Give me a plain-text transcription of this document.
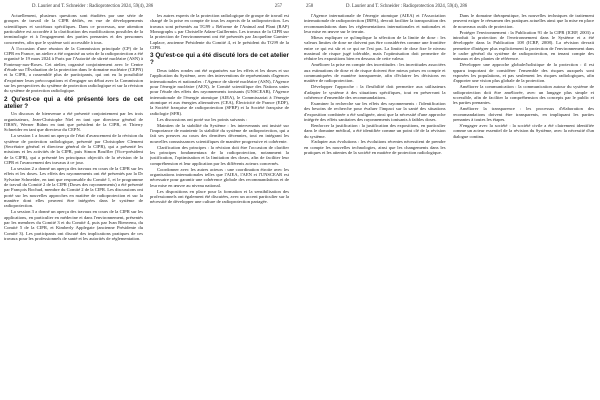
D. Laurier and T. Schneider : Radioprotection 2024, 59(4), 286	257

Actuellement, plusieurs questions sont étudiées par une série de groupes de travail de la CIPR dédiés, en vue de développements scientifiques et sociétaux spécifiques. Dans ce processus, une attention particulière est accordée à la clarification des modifications possibles de la terminologie et à l'engagement des parties prenantes et des personnes concernées, afin que le système soit accessible à tous.

À l'occasion d'une réunion de la Commission principale (CP) de la CIPR en France, un atelier a été organisé au sein de la radioprotection a été organisé le 19 mars 2024 à Paris par l'Autorité de sûreté nucléaire (ASN) à Fontenay-aux-Roses. Cet atelier, organisé conjointement avec le Centre d'étude sur l'Évaluation de la protection dans le domaine nucléaire (CEPN) et la CIPR, a rassemblé plus de participants, qui ont eu la possibilité d'exprimer leurs préoccupations et d'engager un débat avec la Commission sur les perspectives du système de protection radiologique et sur la révision du système de protection radiologique.

2 Qu'est-ce qui a été présenté lors de cet atelier ?

Un discours de bienvenue a été présenté conjointement par les trois organisateurs, Jean-Christophe Niel en tant que directeur général de l'IRSN, Werner Rühm en tant que président de la CIPR, et Thierry Schneider en tant que directeur du CEPN.

La session 1 a fourni un aperçu de l'état d'avancement de la révision du système de protection radiologique, présenté par Christopher Clement (Secrétaire général et directeur général de la CIPR), qui a présenté les missions et les activités de la CIPR, puis Simon Bouffler (Vice-président de la CIPR), qui a présenté les principaux objectifs de la révision de la CIPR et l'avancement des travaux à ce jour.

La session 2 a donné un aperçu des travaux en cours de la CIPR sur les effets et les doses. Les effets des rayonnements ont été présentés par la Dr Sylvaine Schneider, en tant que responsable du Comité 1, et le programme de travail du Comité 2 de la CIPR (Doses des rayonnements) a été présenté par François Bochud, membre du Comité 2 de la CIPR. Les discussions ont porté sur les nouvelles approches en matière de radioprotection et sur la manière dont elles peuvent être intégrées dans le système de radioprotection.

La session 3 a donné un aperçu des travaux en cours de la CIPR sur les applications, en particulier en médecine et dans l'environnement, présentés par les membres du Comité 3 et du Comité 4, puis par Ivan Bienvenu, du Comité 5 de la CIPR, et Kimberly Applegate (ancienne Présidente du Comité 3). Les participants ont discuté des implications pratiques de ces travaux pour les professionnels de santé et les autorités de réglementation.

les autres experts de la protection radiologique de groupe de travail est chargé de la prise en compte de tous les aspects de la radioprotection. Les travaux sont présentés au TG99 « Réforme de l'Animal and Plant (RAP) Monographs » par Christelle Adam-Guillermin. Les travaux de la CIPR sur la protection de l'environnement ont été présentés par Jacqueline Garnier-Laplace, ancienne Présidente du Comité 4, et le président du TG99 de la CIPR.

3 Qu'est-ce qui a été discuté lors de cet atelier ?

Deux tables rondes ont été organisées sur les effets et les doses et sur l'application du Système, avec des interventions de représentants d'agences internationales et nationales : l'Agence de sûreté nucléaire (ASN), l'Agence pour l'énergie nucléaire (AEN), le Comité scientifique des Nations unies pour l'étude des effets des rayonnements ionisants (UNSCEAR), l'Agence internationale de l'énergie atomique (AIEA), le Commissariat à l'énergie atomique et aux énergies alternatives (CEA), Électricité de France (EDF), la Société française de radioprotection (SFRP) et la Société française de radiologie (SFR).

Les discussions ont porté sur les points suivants :

Maintien de la stabilité du Système : les intervenants ont insisté sur l'importance de maintenir la stabilité du système de radioprotection, qui a fait ses preuves au cours des dernières décennies, tout en intégrant les nouvelles connaissances scientifiques de manière progressive et cohérente.

Clarification des principes : la révision doit être l'occasion de clarifier les principes fondamentaux de la radioprotection, notamment la justification, l'optimisation et la limitation des doses, afin de faciliter leur compréhension et leur application par les différents acteurs concernés.

Coordonner avec les autres acteurs : une coordination étroite avec les organisations internationales telles que l'AIEA, l'AEN et l'UNSCEAR est nécessaire pour garantir une cohérence globale des recommandations et de leur mise en œuvre au niveau national.

Les dispositions en place pour la formation et la sensibilisation des professionnels ont également été discutées, avec un accent particulier sur la nécessité de développer une culture de radioprotection partagée.

258	D. Laurier and T. Schneider : Radioprotection 2024, 59(4), 286

l'Agence internationale de l'énergie atomique (AIEA) et l'Association internationale de radioprotection (IRPA), devrait faciliter la transposition des recommandations dans les réglementations internationales et nationales et leur mise en œuvre sur le terrain.

Mieux expliquer ce qu'implique la sélection de la limite de dose : les valeurs limites de dose ne doivent pas être considérées comme une frontière entre ce qui est sûr et ce qui ne l'est pas. La limite de dose fixe le niveau maximal de risque jugé tolérable, mais l'optimisation doit permettre de réduire les expositions bien en dessous de cette valeur.

Améliorer la prise en compte des incertitudes : les incertitudes associées aux estimations de dose et de risque doivent être mieux prises en compte et communiquées de manière transparente, afin d'éclairer les décisions en matière de radioprotection.

Développer l'approche : la flexibilité doit permettre aux utilisateurs d'adapter le système à des situations spécifiques, tout en préservant la cohérence d'ensemble des recommandations.

Examiner la recherche sur les effets des rayonnements : l'identification des besoins de recherche pour évaluer l'impact sur la santé des situations d'exposition combinée a été soulignée, ainsi que la nécessité d'une approche intégrée des effets sanitaires des rayonnements ionisants à faibles doses.

Renforcer la justification : la justification des expositions, en particulier dans le domaine médical, a été identifiée comme un point clé de la révision du système.

S'adapter aux évolutions : les évolutions récentes nécessitent de prendre en compte les nouvelles technologies, ainsi que les changements dans les pratiques et les attentes de la société en matière de protection radiologique.

Dans le domaine thérapeutique, les nouvelles techniques de traitement peuvent exiger le réexamen des pratiques actuelles ainsi que la mise en place de nouveaux outils de protection.

Protéger l'environnement : la Publication 91 de la CIPR (ICRP, 2003) a introduit la protection de l'environnement dans le Système et a été développée dans la Publication 108 (ICRP, 2008). La révision devrait permettre d'intégrer plus explicitement la protection de l'environnement dans le cadre général du système de radioprotection, en tenant compte des animaux et des plantes de référence.

Développer une approche globale/holistique de la protection : il est apparu important de considérer l'ensemble des risques auxquels sont exposées les populations, et pas seulement les risques radiologiques, afin d'apporter une vision plus globale de la protection.

Améliorer la communication : la communication autour du système de radioprotection doit être améliorée, avec un langage plus simple et accessible, afin de faciliter la compréhension des concepts par le public et les parties prenantes.

Améliorer la transparence : les processus d'élaboration des recommandations doivent être transparents, en impliquant les parties prenantes à toutes les étapes.

S'engager avec la société : la société civile a été clairement identifiée comme un acteur essentiel de la révision du Système, avec la nécessité d'un dialogue continu.
